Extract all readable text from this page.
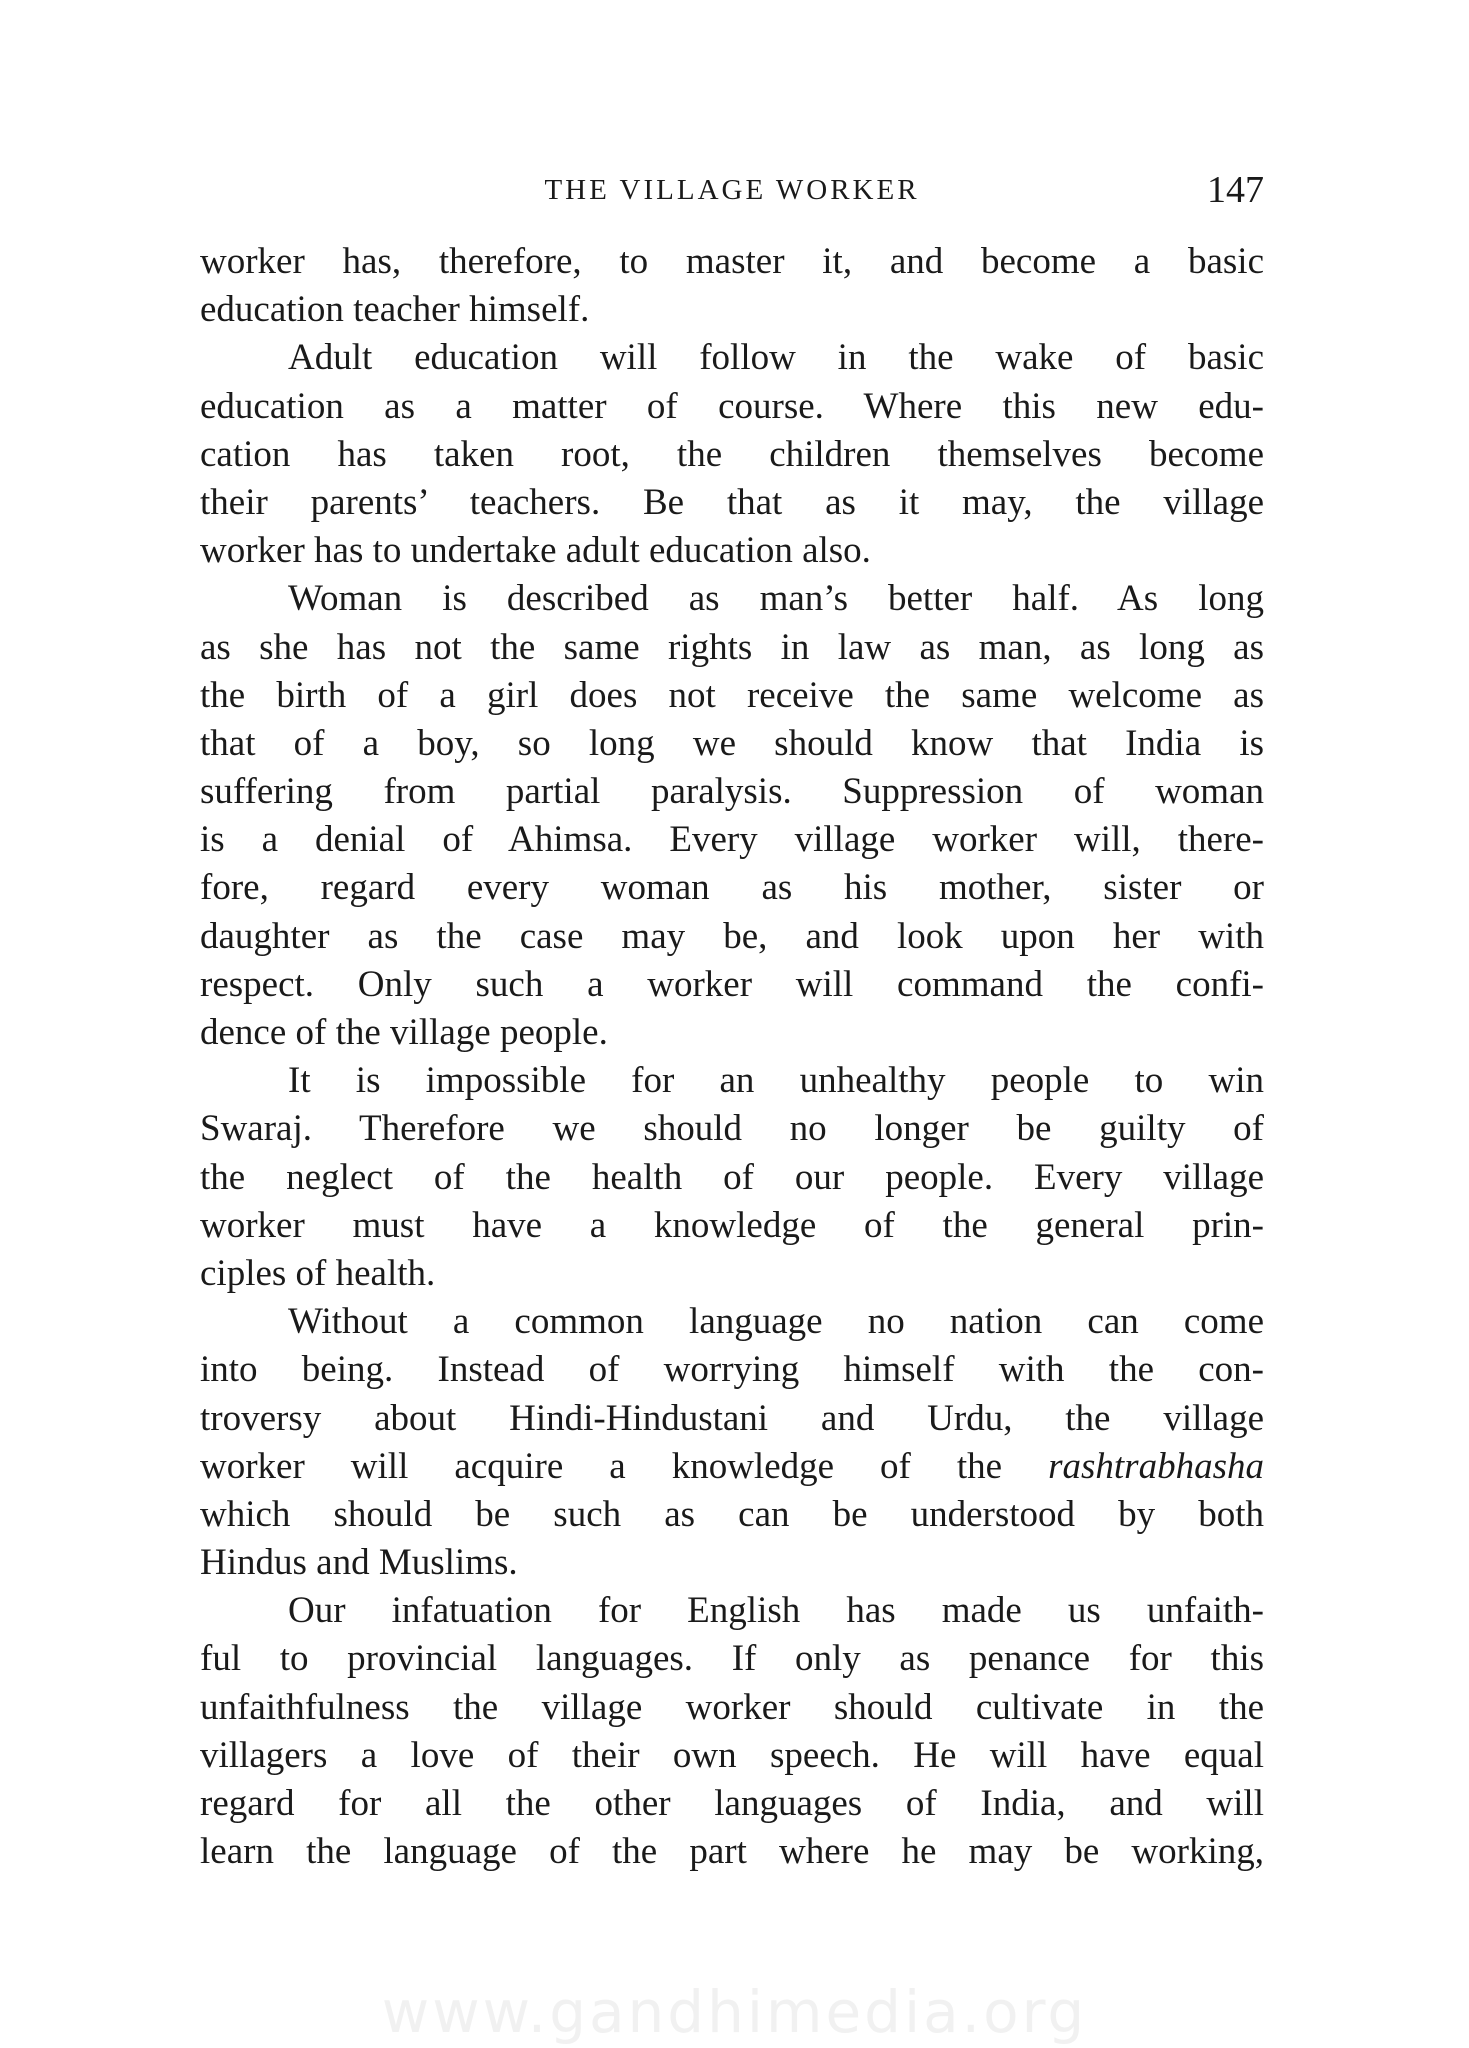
THE VILLAGE WORKER	147
worker has, therefore, to master it, and become a basic
education teacher himself.
Adult education will follow in the wake of basic
education as a matter of course. Where this new edu-
cation has taken root, the children themselves become
their parents’ teachers. Be that as it may, the village
worker has to undertake adult education also.
Woman is described as man’s better half. As long
as she has not the same rights in law as man, as long as
the birth of a girl does not receive the same welcome as
that of a boy, so long we should know that India is
suffering from partial paralysis. Suppression of woman
is a denial of Ahimsa. Every village worker will, there-
fore, regard every woman as his mother, sister or
daughter as the case may be, and look upon her with
respect. Only such a worker will command the confi-
dence of the village people.
It is impossible for an unhealthy people to win
Swaraj. Therefore we should no longer be guilty of
the neglect of the health of our people. Every village
worker must have a knowledge of the general prin-
ciples of health.
Without a common language no nation can come
into being. Instead of worrying himself with the con-
troversy about Hindi-Hindustani and Urdu, the village
worker will acquire a knowledge of the rashtrabhasha
which should be such as can be understood by both
Hindus and Muslims.
Our infatuation for English has made us unfaith-
ful to provincial languages. If only as penance for this
unfaithfulness the village worker should cultivate in the
villagers a love of their own speech. He will have equal
regard for all the other languages of India, and will
learn the language of the part where he may be working,
www.gandhimedia.org
